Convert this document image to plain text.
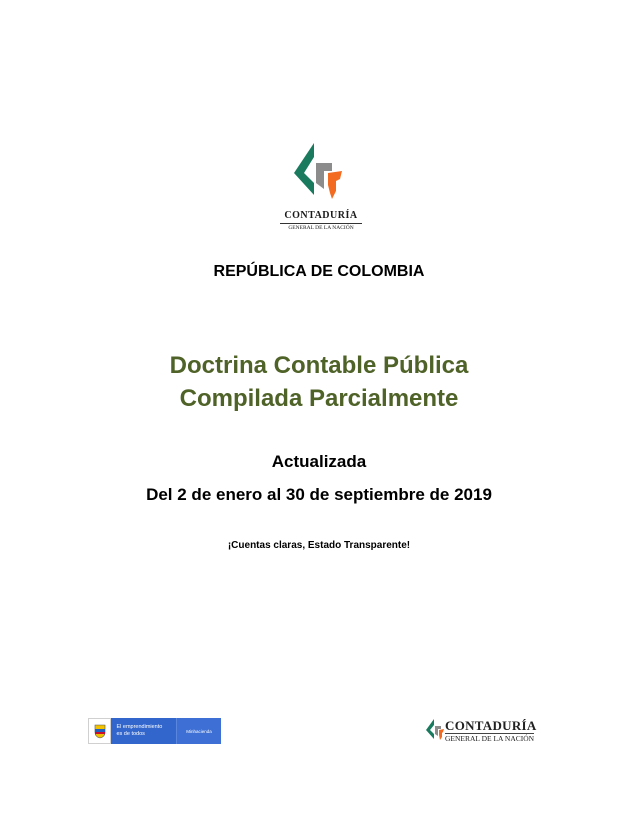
CONTADURÍA
GENERAL DE LA NACIÓN
REPÚBLICA DE COLOMBIA
Doctrina Contable Pública
Compilada Parcialmente
Actualizada
Del 2 de enero al 30 de septiembre de 2019
¡Cuentas claras, Estado Transparente!
El emprendimiento
es de todos	Minhacienda	CONTADURÍA
GENERAL DE LA NACIÓN
